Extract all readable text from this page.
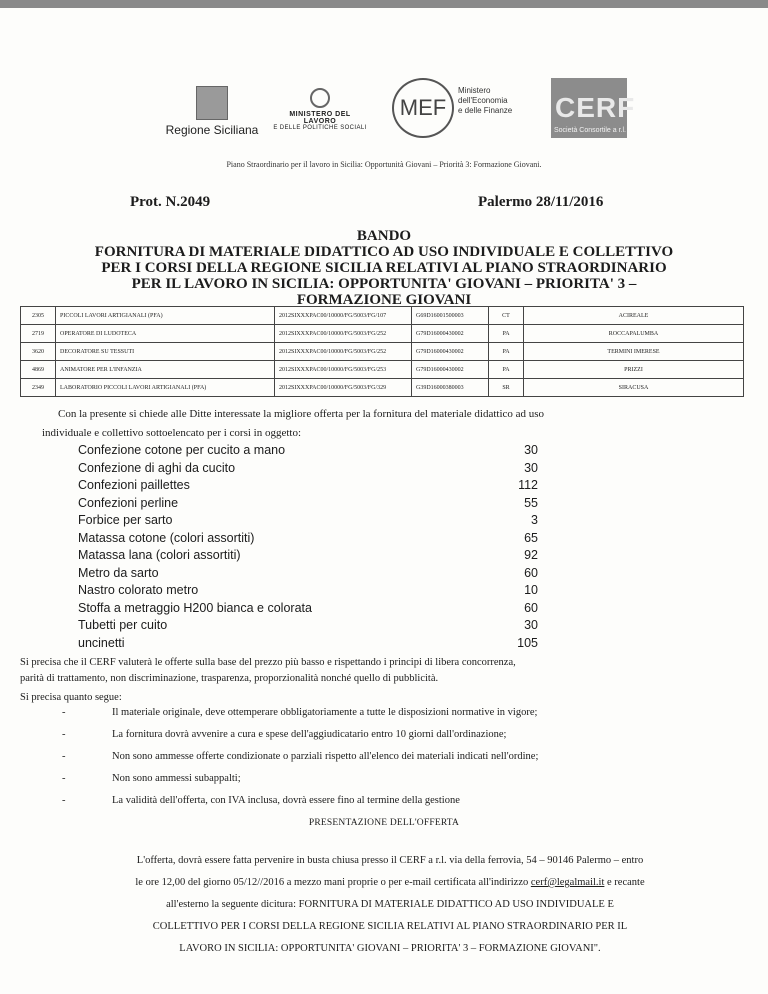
Regione Siciliana
MINISTERO DEL LAVORO
E DELLE POLITICHE SOCIALI
MEF
Ministero
dell'Economia
e delle Finanze CERF
Società Consortile a r.l.
Piano Straordinario per il lavoro in Sicilia: Opportunità Giovani – Priorità 3: Formazione Giovani.
Prot. N.2049	Palermo 28/11/2016
BANDO
FORNITURA DI MATERIALE DIDATTICO AD USO INDIVIDUALE E COLLETTIVO
PER I CORSI DELLA REGIONE SICILIA RELATIVI AL PIANO STRAORDINARIO
PER IL LAVORO IN SICILIA: OPPORTUNITA' GIOVANI – PRIORITA' 3 –
FORMAZIONE GIOVANI
2305	PICCOLI LAVORI ARTIGIANALI (PFA)	2012SIXXXPAC00/10000/FG/5003/FG/107	G69D16001500003	CT	ACIREALE
2719	OPERATORE DI LUDOTECA	2012SIXXXPAC00/10000/FG/5003/FG/252	G79D16000430002	PA	ROCCAPALUMBA
3620	DECORATORE SU TESSUTI	2012SIXXXPAC00/10000/FG/5003/FG/252	G79D16000430002	PA	TERMINI IMERESE
4869	ANIMATORE PER L'INFANZIA	2012SIXXXPAC00/10000/FG/5003/FG/253	G79D16000430002	PA	PRIZZI
2349	LABORATORIO PICCOLI LAVORI ARTIGIANALI (PFA)	2012SIXXXPAC00/10000/FG/5003/FG/329	G39D16000380003	SR	SIRACUSA
Con la presente si chiede alle Ditte interessate la migliore offerta per la fornitura del materiale didattico ad uso
individuale e collettivo sottoelencato per i corsi in oggetto:
Confezione cotone per cucito a mano	30
Confezione di aghi da cucito	30
Confezioni paillettes	112
Confezioni perline	55
Forbice per sarto	3
Matassa cotone (colori assortiti)	65
Matassa lana (colori assortiti)	92
Metro da sarto	60
Nastro colorato metro	10
Stoffa a metraggio H200 bianca e colorata	60
Tubetti per cuito	30
uncinetti	105
Si precisa che il CERF valuterà le offerte sulla base del prezzo più basso e rispettando i principi di libera concorrenza,
parità di trattamento, non discriminazione, trasparenza, proporzionalità nonché quello di pubblicità.
Si precisa quanto segue:
- Il materiale originale, deve ottemperare obbligatoriamente a tutte le disposizioni normative in vigore;
- La fornitura dovrà avvenire a cura e spese dell'aggiudicatario entro 10 giorni dall'ordinazione;
- Non sono ammesse offerte condizionate o parziali rispetto all'elenco dei materiali indicati nell'ordine;
- Non sono ammessi subappalti;
- La validità dell'offerta, con IVA inclusa, dovrà essere fino al termine della gestione
PRESENTAZIONE DELL'OFFERTA
L'offerta, dovrà essere fatta pervenire in busta chiusa presso il CERF a r.l. via della ferrovia, 54 – 90146 Palermo – entro
le ore 12,00 del giorno 05/12//2016 a mezzo mani proprie o per e-mail certificata all'indirizzo cerf@legalmail.it e recante
all'esterno la seguente dicitura: FORNITURA DI MATERIALE DIDATTICO AD USO INDIVIDUALE E
COLLETTIVO PER I CORSI DELLA REGIONE SICILIA RELATIVI AL PIANO STRAORDINARIO PER IL
LAVORO IN SICILIA: OPPORTUNITA' GIOVANI – PRIORITA' 3 – FORMAZIONE GIOVANI".
